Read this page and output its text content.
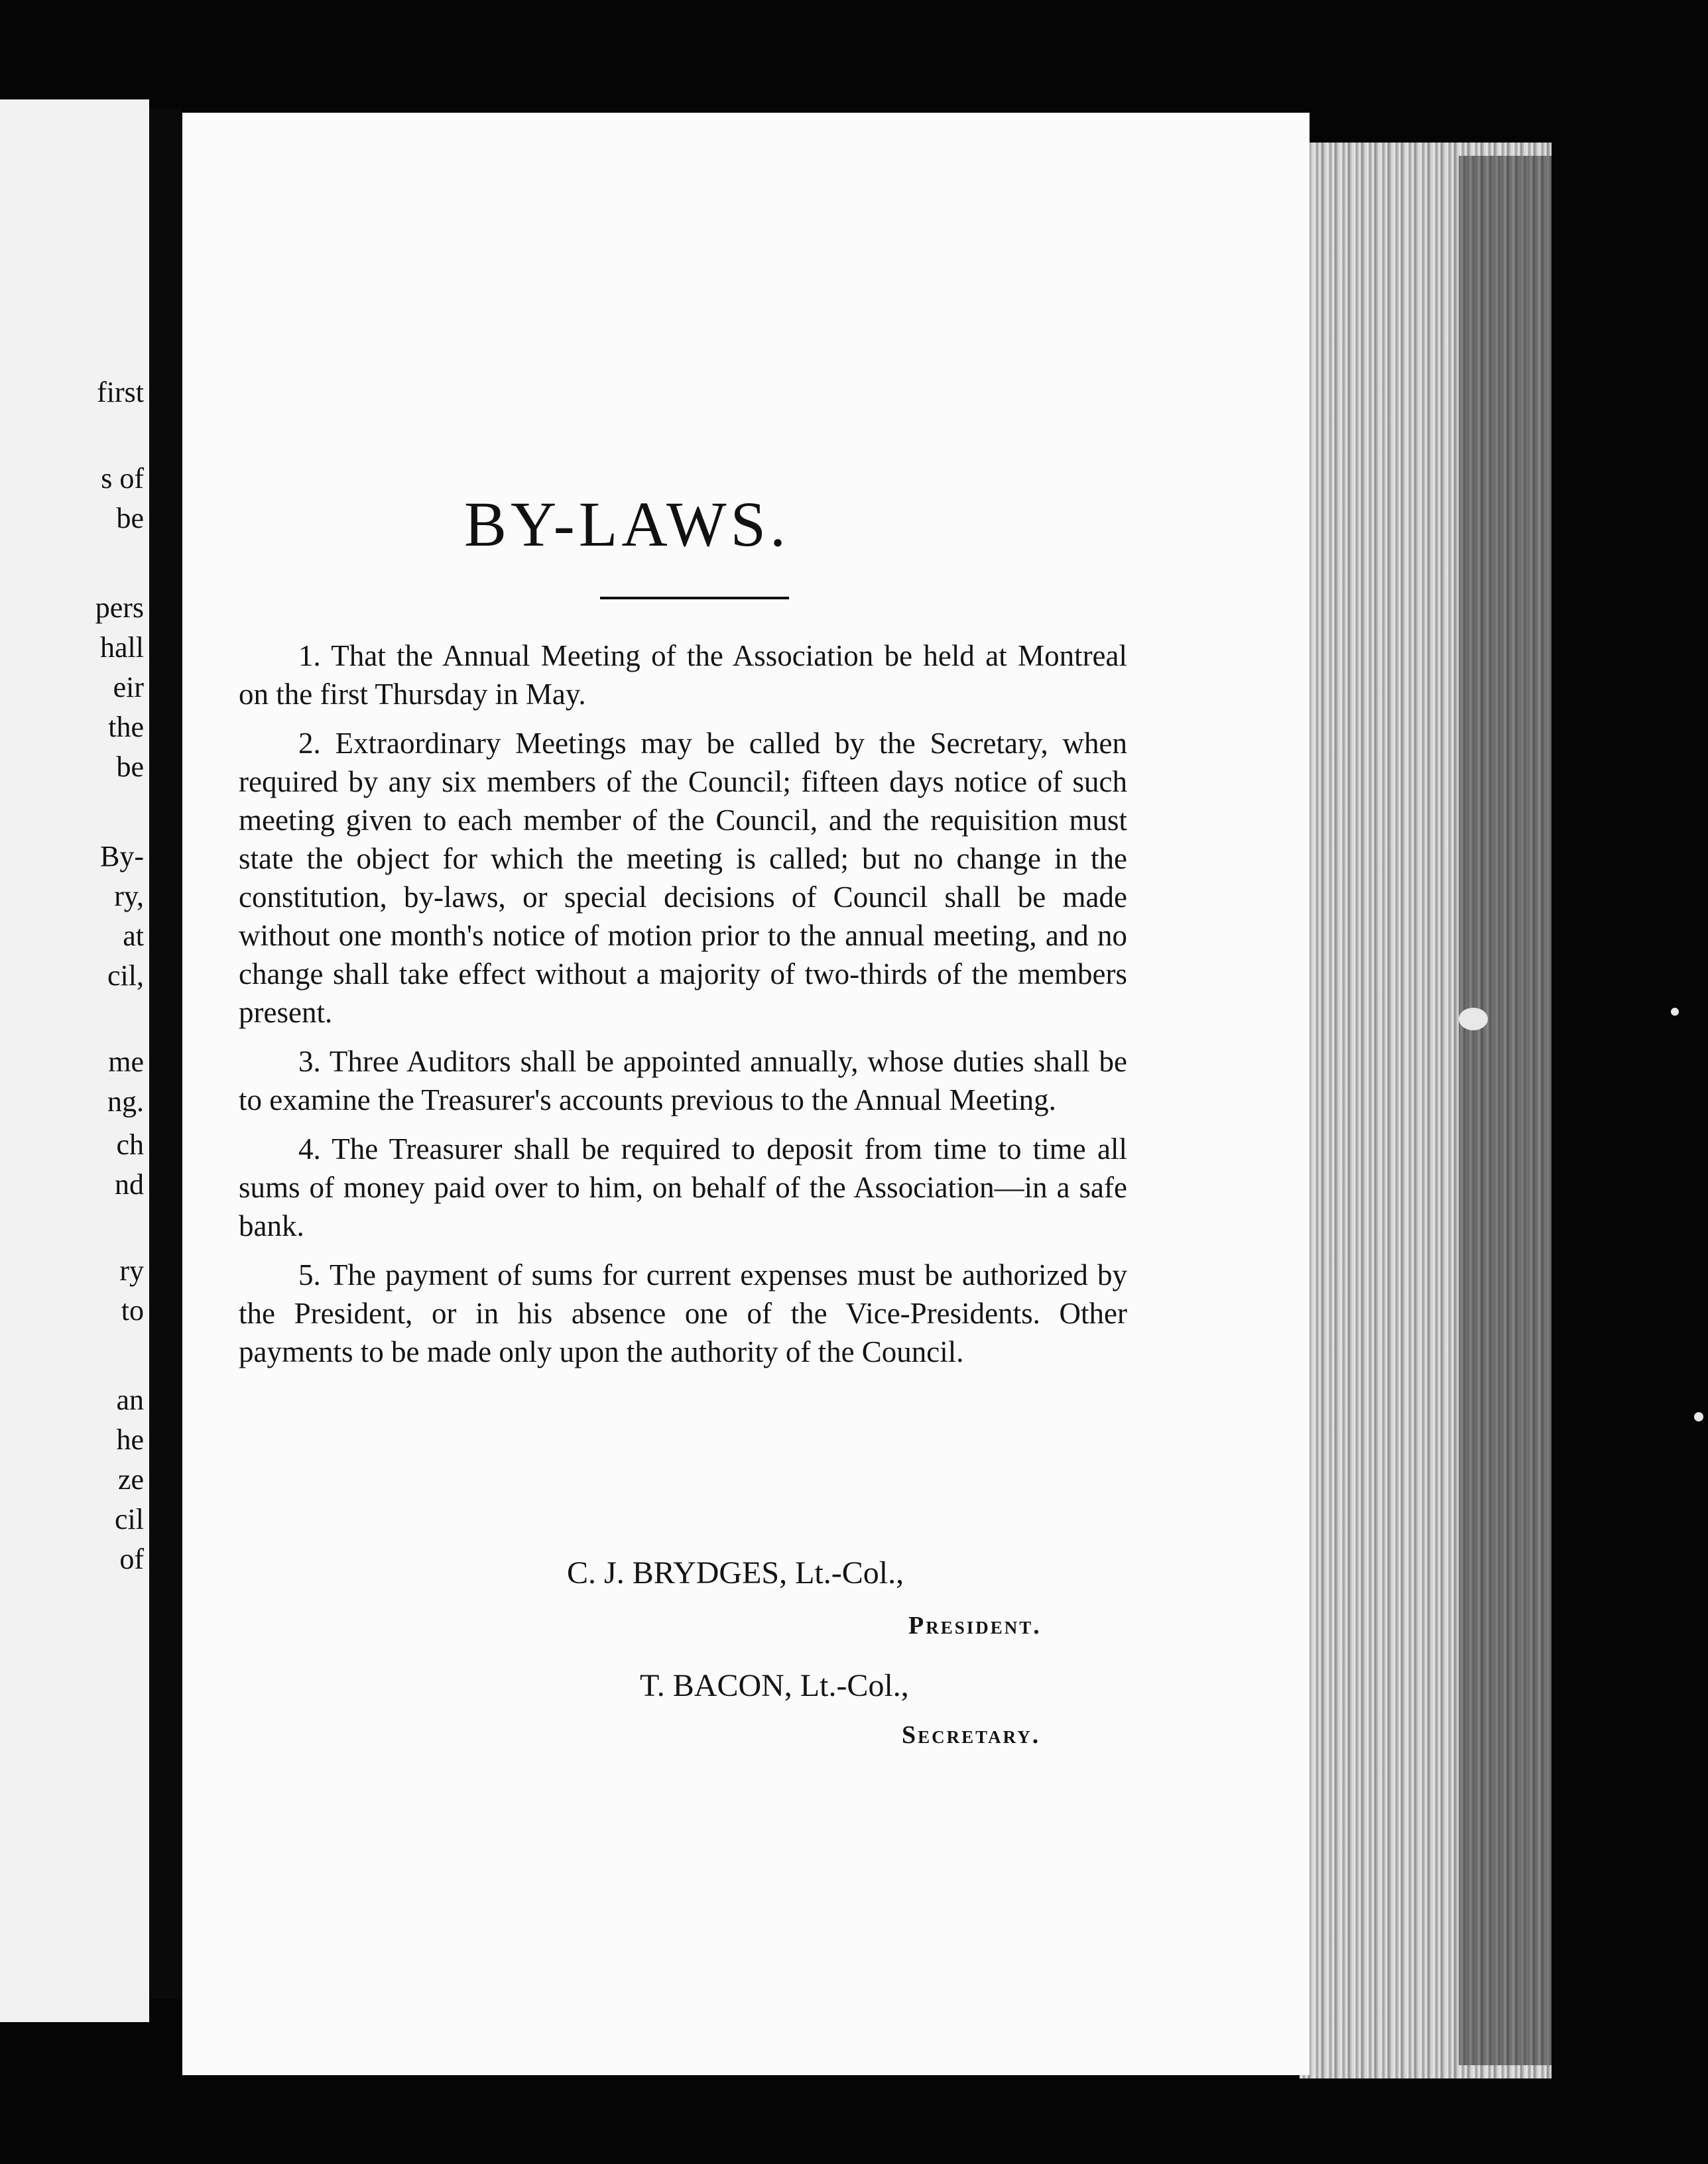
first
s of
be
pers
hall
eir
the
be
By-
ry,
at
cil,
me
ng.
ch
nd
ry
to
an
he
ze
cil
of
BY-LAWS.

1. That the Annual Meeting of the Association be held at Montreal on the first Thursday in May.

2. Extraordinary Meetings may be called by the Secretary, when required by any six members of the Council; fifteen days notice of such meeting given to each member of the Council, and the requisition must state the object for which the meeting is called; but no change in the constitution, by-laws, or special decisions of Council shall be made without one month's notice of motion prior to the annual meeting, and no change shall take effect without a majority of two-thirds of the members present.

3. Three Auditors shall be appointed annually, whose duties shall be to examine the Treasurer's accounts previous to the Annual Meeting.

4. The Treasurer shall be required to deposit from time to time all sums of money paid over to him, on behalf of the Association—in a safe bank.

5. The payment of sums for current expenses must be authorized by the President, or in his absence one of the Vice-Presidents. Other payments to be made only upon the authority of the Council.

C. J. BRYDGES, Lt.-Col.,
President.
T. BACON, Lt.-Col.,
Secretary.
